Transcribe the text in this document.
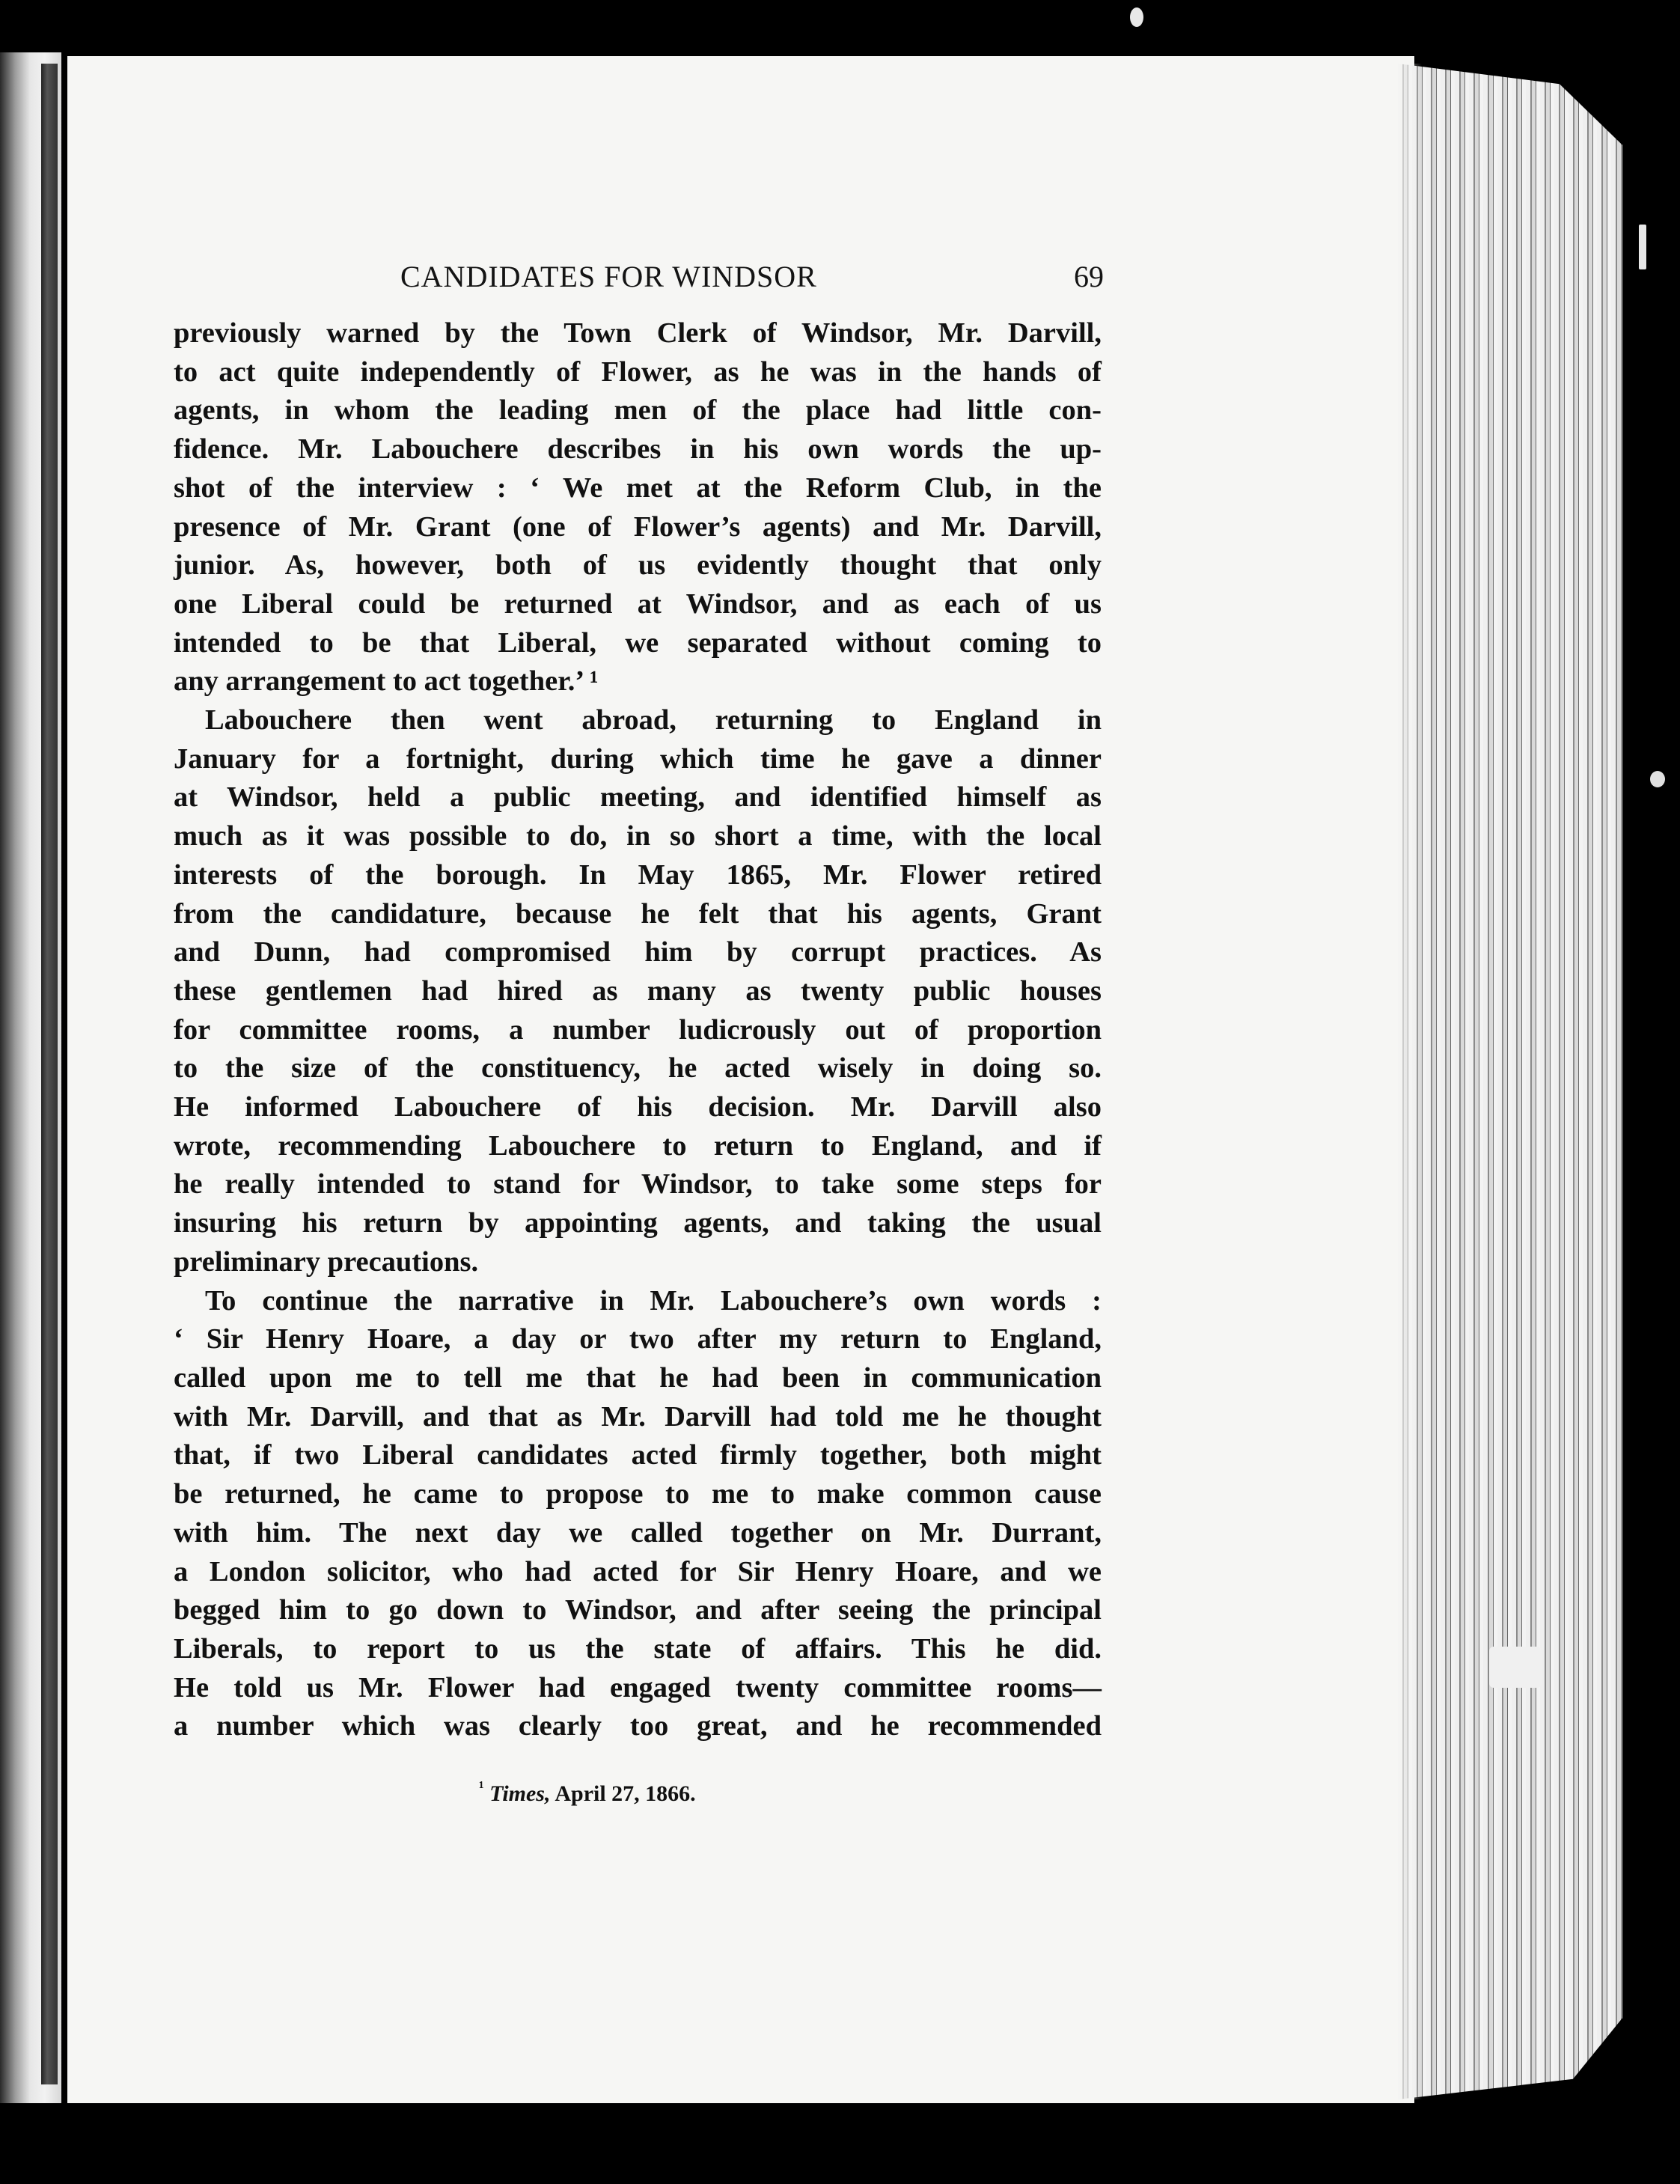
CANDIDATES FOR WINDSOR	69

previously warned by the Town Clerk of Windsor, Mr. Darvill,
to act quite independently of Flower, as he was in the hands of
agents, in whom the leading men of the place had little con-
fidence. Mr. Labouchere describes in his own words the up-
shot of the interview : ‘ We met at the Reform Club, in the
presence of Mr. Grant (one of Flower’s agents) and Mr. Darvill,
junior. As, however, both of us evidently thought that only
one Liberal could be returned at Windsor, and as each of us
intended to be that Liberal, we separated without coming to
any arrangement to act together.’ ¹

Labouchere then went abroad, returning to England in
January for a fortnight, during which time he gave a dinner
at Windsor, held a public meeting, and identified himself as
much as it was possible to do, in so short a time, with the local
interests of the borough. In May 1865, Mr. Flower retired
from the candidature, because he felt that his agents, Grant
and Dunn, had compromised him by corrupt practices. As
these gentlemen had hired as many as twenty public houses
for committee rooms, a number ludicrously out of proportion
to the size of the constituency, he acted wisely in doing so.
He informed Labouchere of his decision. Mr. Darvill also
wrote, recommending Labouchere to return to England, and if
he really intended to stand for Windsor, to take some steps for
insuring his return by appointing agents, and taking the usual
preliminary precautions.

To continue the narrative in Mr. Labouchere’s own words :
‘ Sir Henry Hoare, a day or two after my return to England,
called upon me to tell me that he had been in communication
with Mr. Darvill, and that as Mr. Darvill had told me he thought
that, if two Liberal candidates acted firmly together, both might
be returned, he came to propose to me to make common cause
with him. The next day we called together on Mr. Durrant,
a London solicitor, who had acted for Sir Henry Hoare, and we
begged him to go down to Windsor, and after seeing the principal
Liberals, to report to us the state of affairs. This he did.
He told us Mr. Flower had engaged twenty committee rooms—
a number which was clearly too great, and he recommended

$^{^1}$ Times, April 27, 1866.
